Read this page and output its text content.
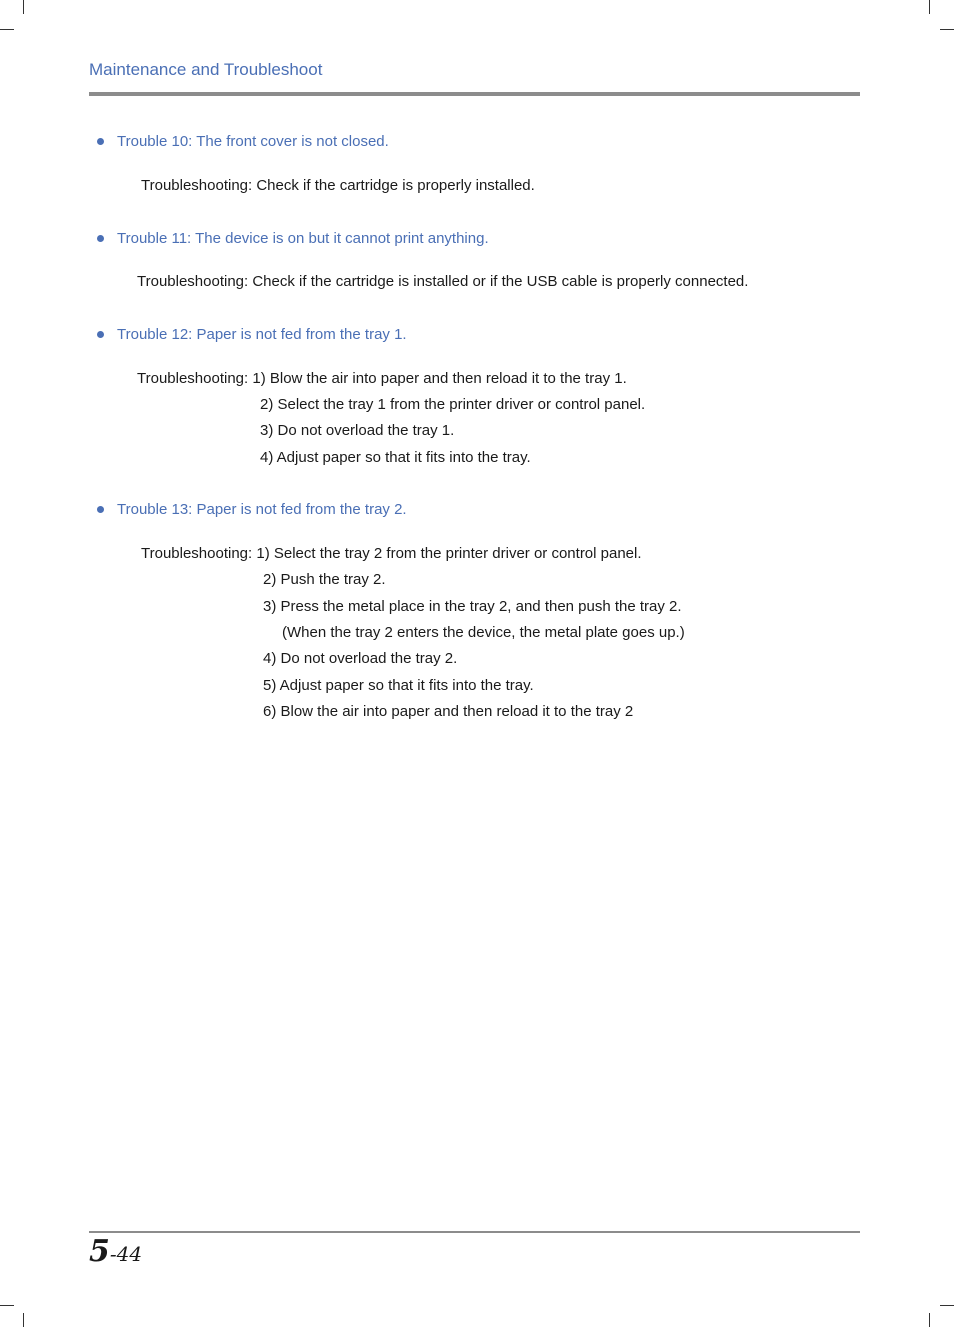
Maintenance and Troubleshoot
Trouble 10: The front cover is not closed.
Troubleshooting: Check if the cartridge is properly installed.
Trouble 11: The device is on but it cannot print anything.
Troubleshooting: Check if the cartridge is installed or if the USB cable is properly connected.
Trouble 12: Paper is not fed from the tray 1.
Troubleshooting: 1) Blow the air into paper and then reload it to the tray 1.
2) Select the tray 1 from the printer driver or control panel.
3) Do not overload the tray 1.
4) Adjust paper so that it fits into the tray.
Trouble 13: Paper is not fed from the tray 2.
Troubleshooting: 1) Select the tray 2 from the printer driver or control panel.
2) Push the tray 2.
3) Press the metal place in the tray 2, and then push the tray 2.
(When the tray 2 enters the device, the metal plate goes up.)
4) Do not overload the tray 2.
5) Adjust paper so that it fits into the tray.
6) Blow the air into paper and then reload it to the tray 2
5-44
